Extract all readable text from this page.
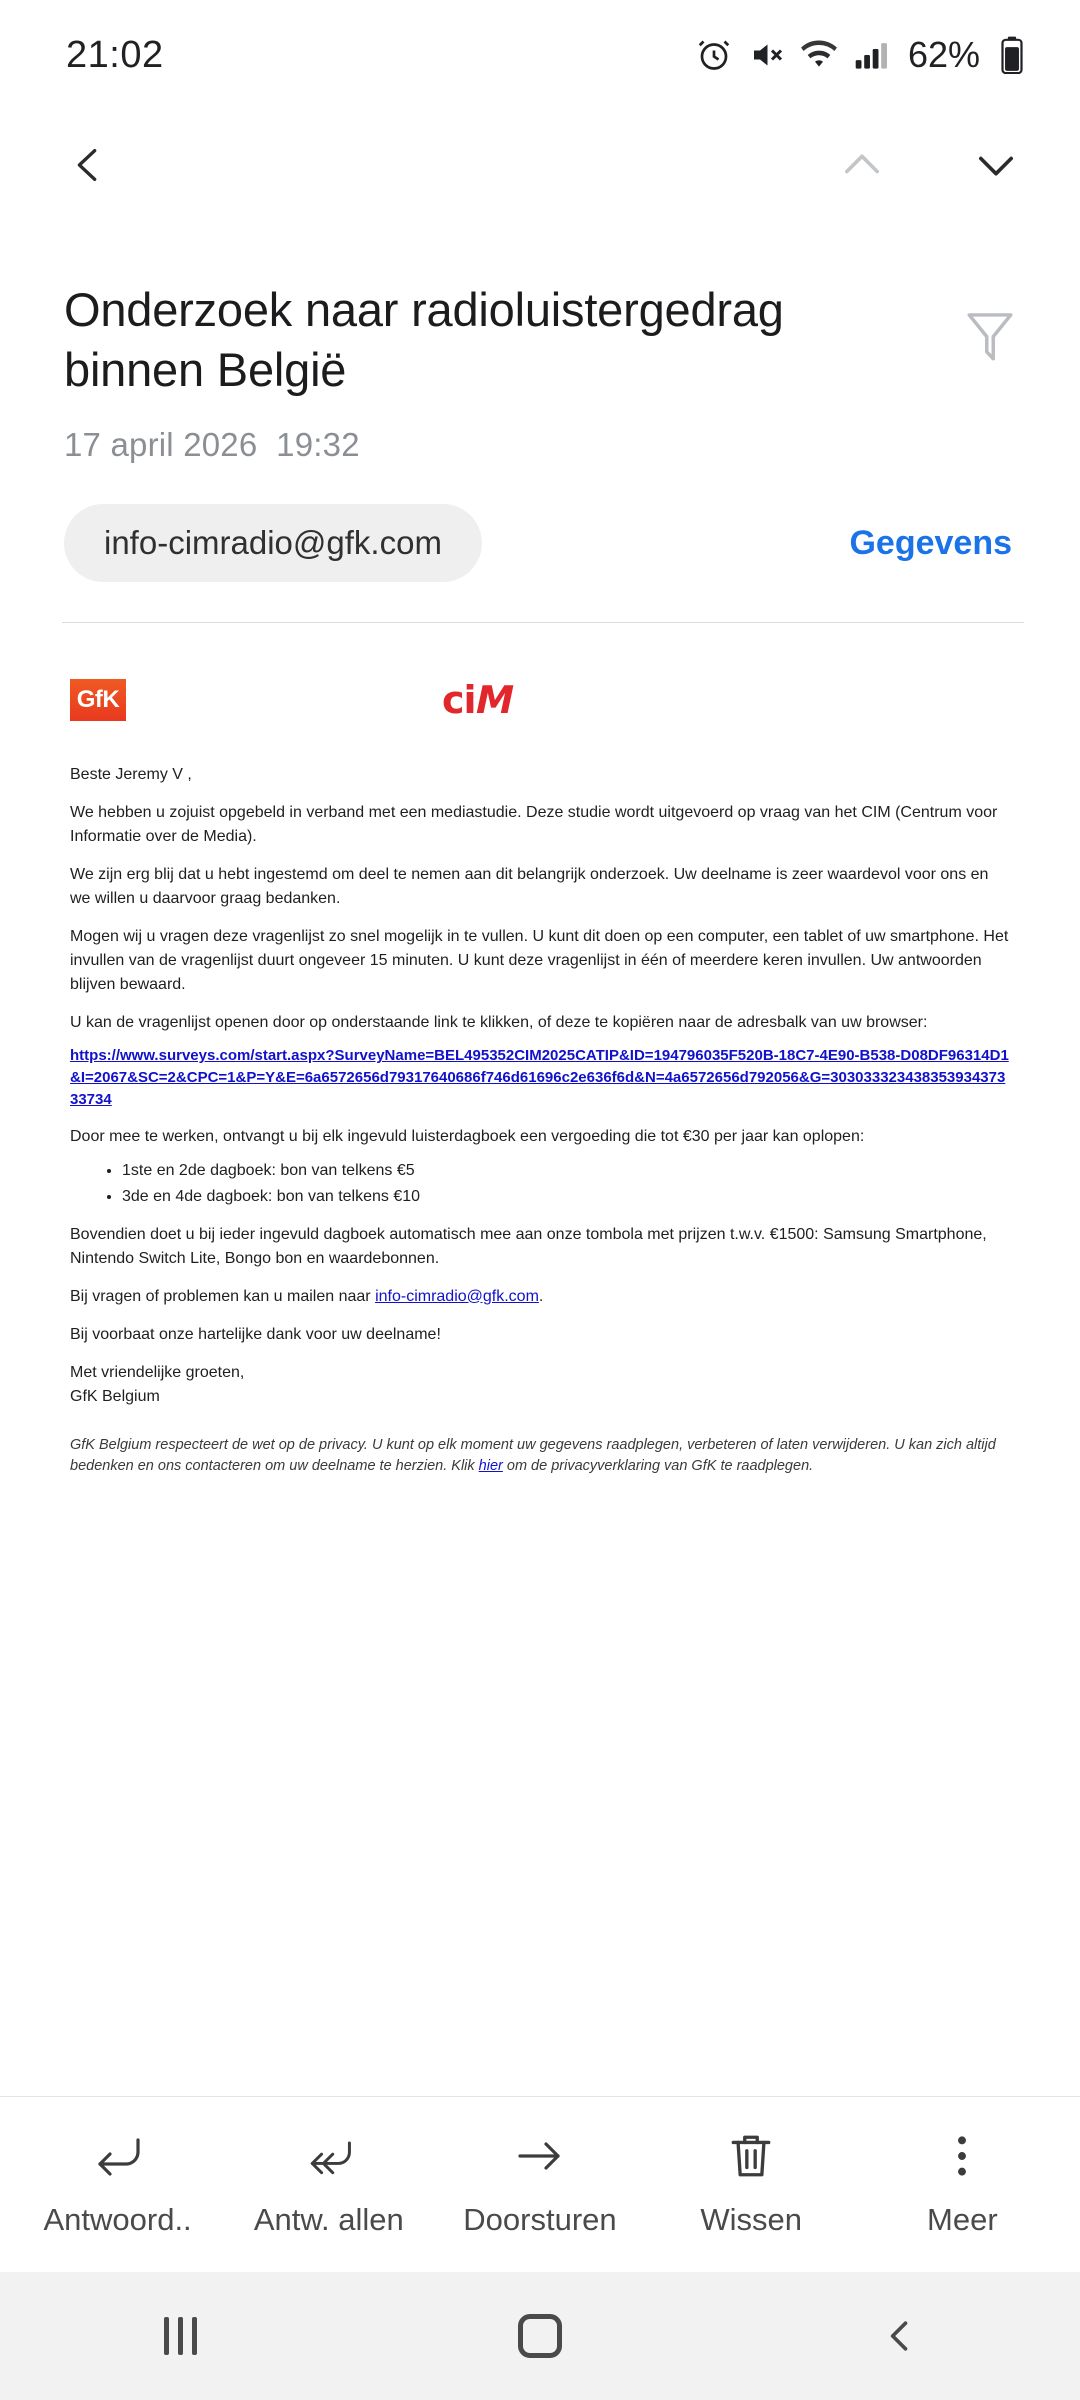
21:02	62%
Onderzoek naar radioluistergedrag binnen België
17 april 2026 19:32
info-cimradio@gfk.com	Gegevens
GfK	ciM
Beste Jeremy V ,
We hebben u zojuist opgebeld in verband met een mediastudie. Deze studie wordt uitgevoerd op vraag van het CIM (Centrum voor Informatie over de Media).
We zijn erg blij dat u hebt ingestemd om deel te nemen aan dit belangrijk onderzoek. Uw deelname is zeer waardevol voor ons en we willen u daarvoor graag bedanken.
Mogen wij u vragen deze vragenlijst zo snel mogelijk in te vullen. U kunt dit doen op een computer, een tablet of uw smartphone. Het invullen van de vragenlijst duurt ongeveer 15 minuten. U kunt deze vragenlijst in één of meerdere keren invullen. Uw antwoorden blijven bewaard.
U kan de vragenlijst openen door op onderstaande link te klikken, of deze te kopiëren naar de adresbalk van uw browser:
https://www.surveys.com/start.aspx?SurveyName=BEL495352CIM2025CATIP&ID=194796035F520B-18C7-4E90-B538-D08DF96314D1&I=2067&SC=2&CPC=1&P=Y&E=6a6572656d79317640686f746d61696c2e636f6d&N=4a6572656d792056&G=30303332343835393437333734
Door mee te werken, ontvangt u bij elk ingevuld luisterdagboek een vergoeding die tot €30 per jaar kan oplopen:
• 1ste en 2de dagboek: bon van telkens €5
• 3de en 4de dagboek: bon van telkens €10
Bovendien doet u bij ieder ingevuld dagboek automatisch mee aan onze tombola met prijzen t.w.v. €1500: Samsung Smartphone, Nintendo Switch Lite, Bongo bon en waardebonnen.
Bij vragen of problemen kan u mailen naar info-cimradio@gfk.com.
Bij voorbaat onze hartelijke dank voor uw deelname!
Met vriendelijke groeten,
GfK Belgium
GfK Belgium respecteert de wet op de privacy. U kunt op elk moment uw gegevens raadplegen, verbeteren of laten verwijderen. U kan zich altijd bedenken en ons contacteren om uw deelname te herzien. Klik hier om de privacyverklaring van GfK te raadplegen.
Antwoord.. Antw. allen Doorsturen	Wissen	Meer
